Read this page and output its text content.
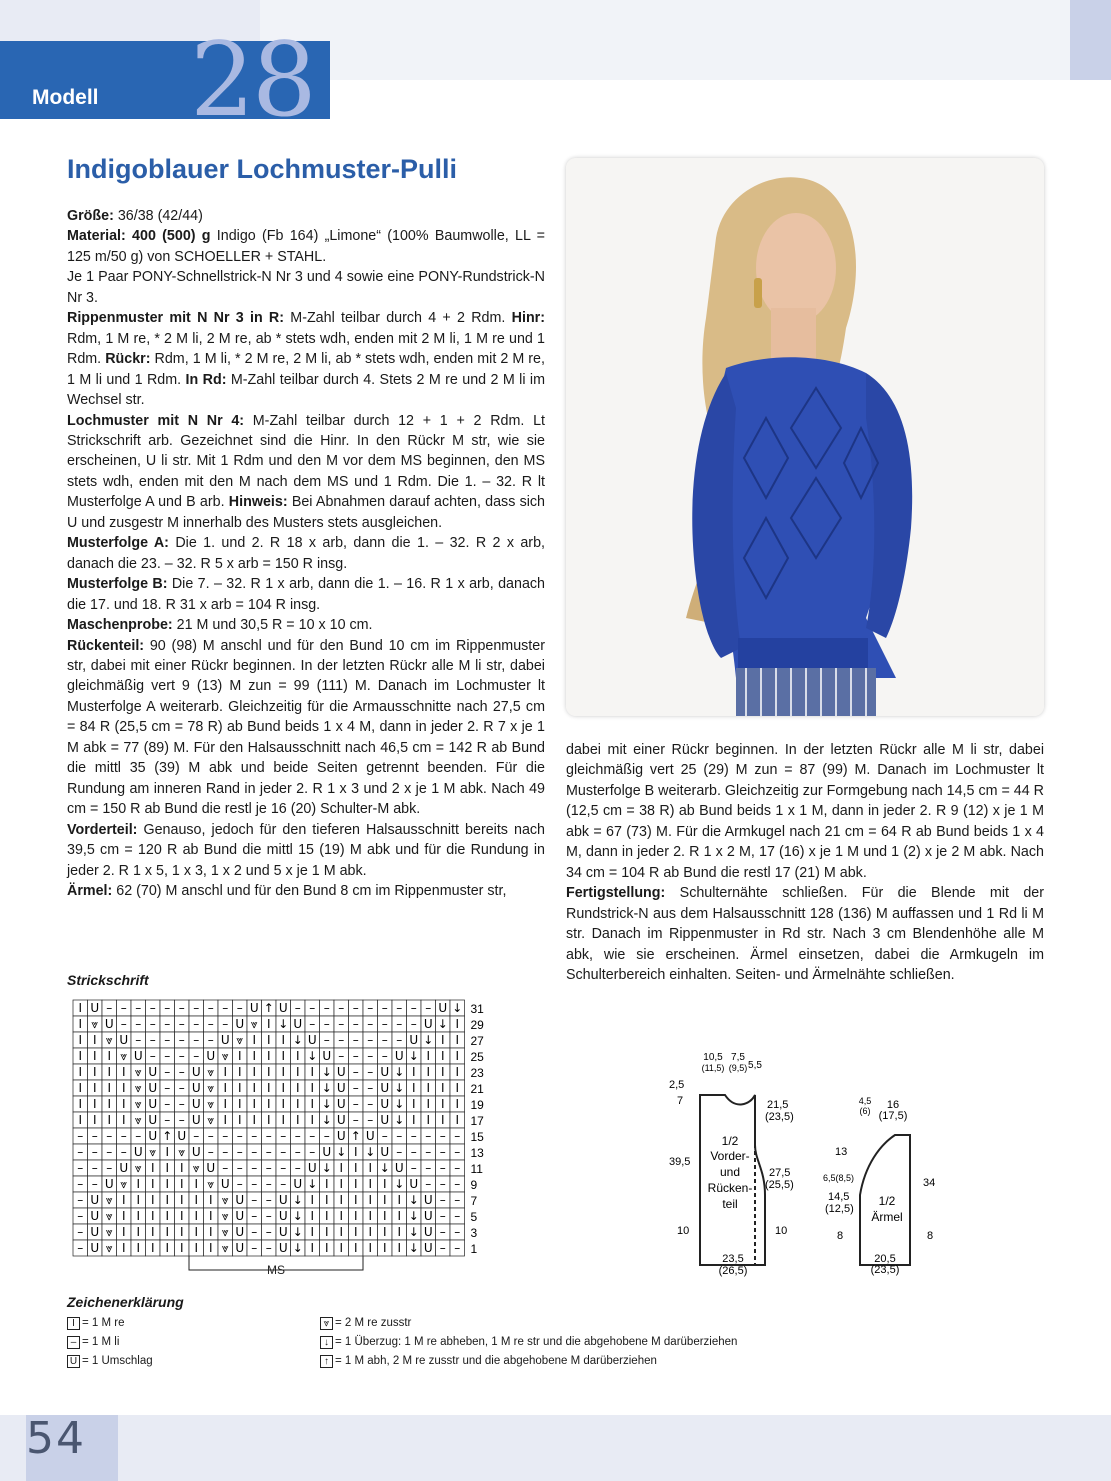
Modell 28
Indigoblauer Lochmuster-Pulli

Größe: 36/38 (42/44)

Material: 400 (500) g Indigo (Fb 164) „Limone“ (100% Baumwolle, LL = 125 m/50 g) von SCHOELLER + STAHL.

Je 1 Paar PONY-Schnellstrick-N Nr 3 und 4 sowie eine PONY-Rundstrick-N Nr 3.

Rippenmuster mit N Nr 3 in R: M-Zahl teilbar durch 4 + 2 Rdm. Hinr: Rdm, 1 M re, * 2 M li, 2 M re, ab * stets wdh, enden mit 2 M li, 1 M re und 1 Rdm. Rückr: Rdm, 1 M li, * 2 M re, 2 M li, ab * stets wdh, enden mit 2 M re, 1 M li und 1 Rdm. In Rd: M-Zahl teilbar durch 4. Stets 2 M re und 2 M li im Wechsel str.

Lochmuster mit N Nr 4: M-Zahl teilbar durch 12 + 1 + 2 Rdm. Lt Strickschrift arb. Gezeichnet sind die Hinr. In den Rückr M str, wie sie erscheinen, U li str. Mit 1 Rdm und den M vor dem MS beginnen, den MS stets wdh, enden mit den M nach dem MS und 1 Rdm. Die 1. – 32. R lt Musterfolge A und B arb. Hinweis: Bei Abnahmen darauf achten, dass sich U und zusgestr M innerhalb des Musters stets ausgleichen.

Musterfolge A: Die 1. und 2. R 18 x arb, dann die 1. – 32. R 2 x arb, danach die 23. – 32. R 5 x arb = 150 R insg.

Musterfolge B: Die 7. – 32. R 1 x arb, dann die 1. – 16. R 1 x arb, danach die 17. und 18. R 31 x arb = 104 R insg.

Maschenprobe: 21 M und 30,5 R = 10 x 10 cm.

Rückenteil: 90 (98) M anschl und für den Bund 10 cm im Rippenmuster str, dabei mit einer Rückr beginnen. In der letzten Rückr alle M li str, dabei gleichmäßig vert 9 (13) M zun = 99 (111) M. Danach im Lochmuster lt Musterfolge A weiterarb. Gleichzeitig für die Armausschnitte nach 27,5 cm = 84 R (25,5 cm = 78 R) ab Bund beids 1 x 4 M, dann in jeder 2. R 7 x je 1 M abk = 77 (89) M. Für den Halsausschnitt nach 46,5 cm = 142 R ab Bund die mittl 35 (39) M abk und beide Seiten getrennt beenden. Für die Rundung am inneren Rand in jeder 2. R 1 x 3 und 2 x je 1 M abk. Nach 49 cm = 150 R ab Bund die restl je 16 (20) Schulter-M abk.

Vorderteil: Genauso, jedoch für den tieferen Halsausschnitt bereits nach 39,5 cm = 120 R ab Bund die mittl 15 (19) M abk und für die Rundung in jeder 2. R 1 x 5, 1 x 3, 1 x 2 und 5 x je 1 M abk.

Ärmel: 62 (70) M anschl und für den Bund 8 cm im Rippenmuster str,

dabei mit einer Rückr beginnen. In der letzten Rückr alle M li str, dabei gleichmäßig vert 25 (29) M zun = 87 (99) M. Danach im Lochmuster lt Musterfolge B weiterarb. Gleichzeitig zur Formgebung nach 14,5 cm = 44 R (12,5 cm = 38 R) ab Bund beids 1 x 1 M, dann in jeder 2. R 9 (12) x je 1 M abk = 67 (73) M. Für die Armkugel nach 21 cm = 64 R ab Bund beids 1 x 4 M, dann in jeder 2. R 1 x 2 M, 17 (16) x je 1 M und 1 (2) x je 2 M abk. Nach 34 cm = 104 R ab Bund die restl 17 (21) M abk.

Fertigstellung: Schulternähte schließen. Für die Blende mit der Rundstrick-N aus dem Halsausschnitt 128 (136) M auffassen und 1 Rd li M str. Danach im Rippenmuster in Rd str. Nach 3 cm Blendenhöhe alle M abk, wie sie erscheinen. Ärmel einsetzen, dabei die Armkugeln im Schulterbereich einhalten. Seiten- und Ärmelnähte schließen.

Strickschrift
I U – – – – – – – – – – U ↑ U – – – – – – – – – – U ↓ 31
I ⩔ U – – – – – – – – U ⩔ I ↓ U – – – – – – – – U ↓ I 29
I I ⩔ U – – – – – – U ⩔ I I I ↓ U – – – – – – U ↓ I I 27
I I I ⩔ U – – – – U ⩔ I I I I I ↓ U – – – – U ↓ I I I 25
I I I I ⩔ U – – U ⩔ I I I I I I I ↓ U – – U ↓ I I I I 23
I I I I ⩔ U – – U ⩔ I I I I I I I ↓ U – – U ↓ I I I I 21
I I I I ⩔ U – – U ⩔ I I I I I I I ↓ U – – U ↓ I I I I 19
I I I I ⩔ U – – U ⩔ I I I I I I I ↓ U – – U ↓ I I I I 17
– – – – – U ↑ U – – – – – – – – – – U ↑ U – – – – – – 15
– – – – U ⩔ I ⩔ U – – – – – – – – U ↓ I ↓ U – – – – – 13
– – – U ⩔ I I I ⩔ U – – – – – – U ↓ I I I ↓ U – – – – 11
– – U ⩔ I I I I I ⩔ U – – – – U ↓ I I I I I ↓ U – – – 9
– U ⩔ I I I I I I I ⩔ U – – U ↓ I I I I I I I ↓ U – – 7
– U ⩔ I I I I I I I ⩔ U – – U ↓ I I I I I I I ↓ U – – 5
– U ⩔ I I I I I I I ⩔ U – – U ↓ I I I I I I I ↓ U – – 3
– U ⩔ I I I I I I I ⩔ U – – U ↓ I I I I I I I ↓ U – – 1
MS
Zeichenerklärung
I = 1 M re
– = 1 M li
U = 1 Umschlag
⩔ = 2 M re zusstr
↓ = 1 Überzug: 1 M re abheben, 1 M re str und die abgehobene M darüberziehen
↑ = 1 M abh, 2 M re zusstr und die abgehobene M darüberziehen
1/2
Vorder-
und
Rücken-
teil
10,5
(11,5)
7,5
(9,5) 5,5
2,5
7
39,5
10
21,5
(23,5)
27,5
(25,5)
10
23,5
(26,5)
1/2
Ärmel
4,5
(6) 16
(17,5)
13
6,5(8,5)
14,5
(12,5)
8
34
8
20,5
(23,5)
54
